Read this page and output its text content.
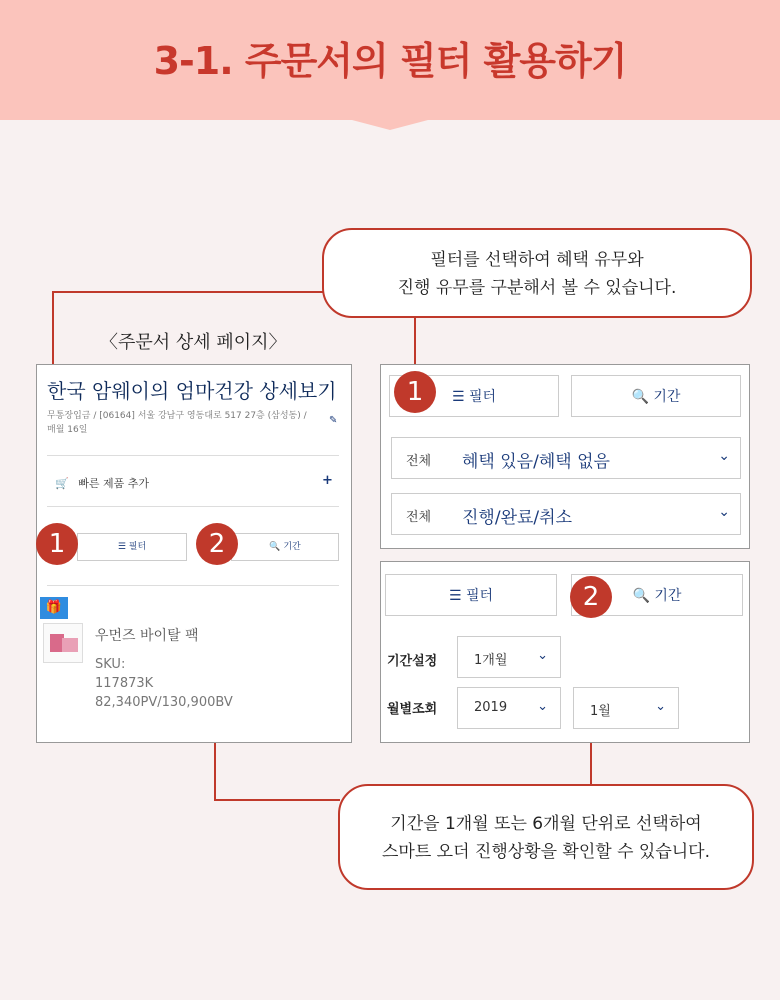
3-1. 주문서의 필터 활용하기
필터를 선택하여 혜택 유무와
진행 유무를 구분해서 볼 수 있습니다.
기간을 1개월 또는 6개월 단위로 선택하여
스마트 오더 진행상황을 확인할 수 있습니다.
〈주문서 상세 페이지〉
한국 암웨이의 엄마건강 상세보기
무통장입금 / [06164] 서울 강남구 영동대로 517 27층 (삼성동) /
매월 16일
✎
🛒 빠른 제품 추가	+
☰ 필터	🔍 기간
🎁
우먼즈 바이탈 팩
SKU:
117873K
82,340PV/130,900BV
☰ 필터	🔍 기간
전체 혜택 있음/혜택 없음	⌄
전체 진행/완료/취소	⌄
☰ 필터	🔍 기간
기간설정	1개월 ⌄
월별조회	2019 ⌄	1월	⌄
1
1	2
2
